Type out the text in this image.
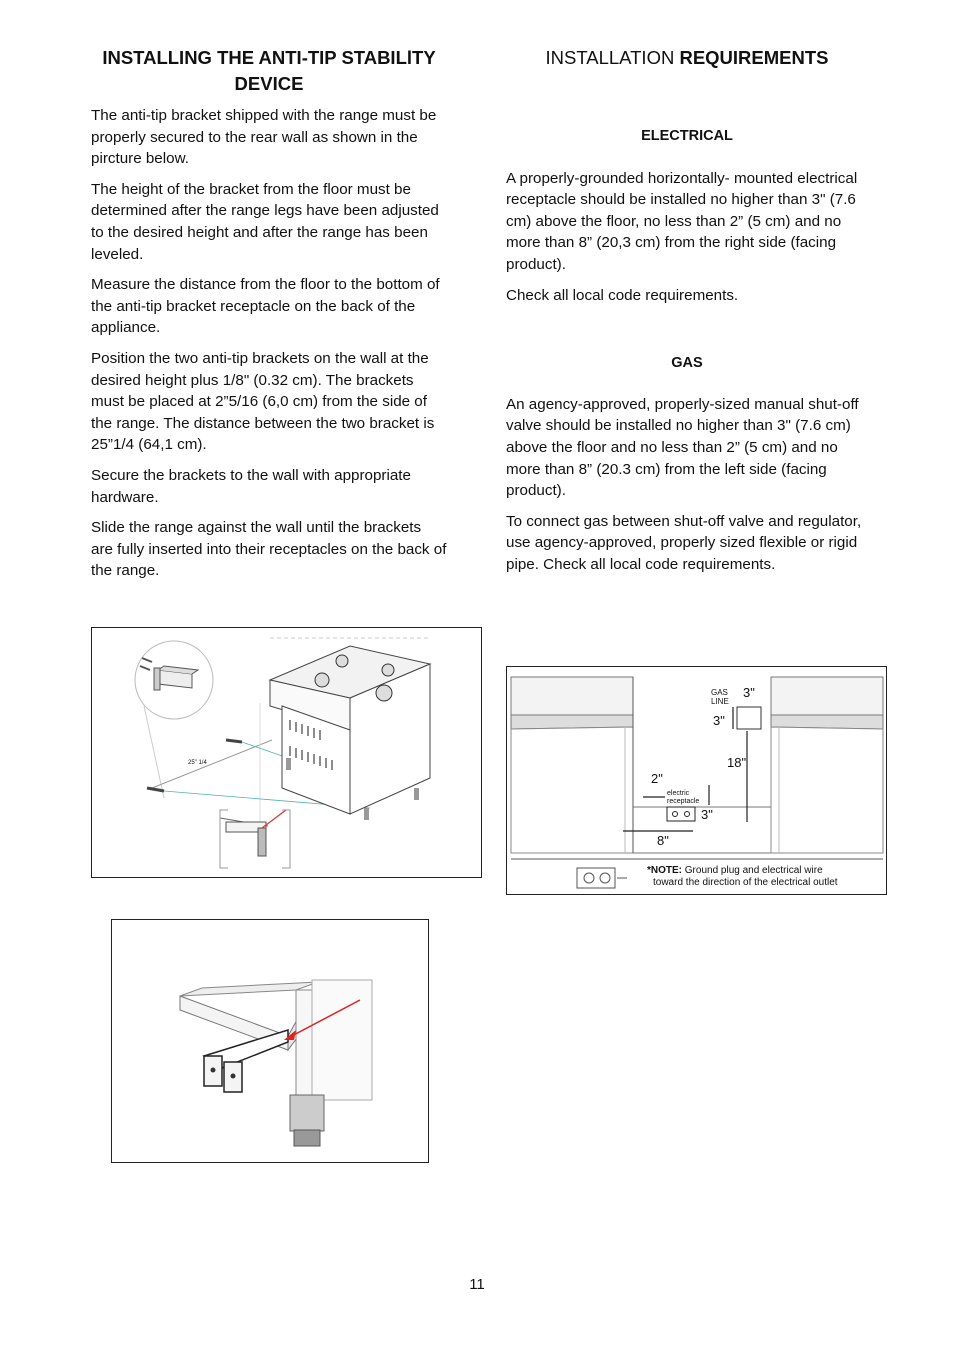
INSTALLING THE ANTI-TIP STABILlTY DEVICE

The anti-tip bracket shipped with the range must be properly secured to the rear wall as shown in the pircture below.

The height of the bracket from the floor must be determined after the range legs have been adjusted to the desired height and after the range has been leveled.

Measure the distance from the floor to the bottom of the anti-tip bracket receptacle on the back of the appliance.

Position the two anti-tip brackets on the wall at the desired height plus 1/8" (0.32 cm). The brackets must be placed at 2”5/16 (6,0 cm) from the side of the range. The distance between the two bracket is 25”1/4 (64,1 cm).

Secure the brackets to the wall with appropriate hardware.

Slide the range against the wall until the brackets are fully inserted into their receptacles on the back of the range.

INSTALLATION REQUIREMENTS
ELECTRICAL

A properly-grounded horizontally- mounted electrical receptacle should be installed no higher than 3" (7.6 cm) above the floor, no less than 2” (5 cm) and no more than 8” (20,3 cm) from the right side (facing product).

Check all local code requirements.

GAS

An agency-approved, properly-sized manual shut-off valve should be installed no higher than 3" (7.6 cm) above the floor and no less than 2” (5 cm) and no more than 8” (20.3 cm) from the left side (facing product).

To connect gas between shut-off valve and regulator, use agency-approved, properly sized flexible or rigid pipe. Check all local code requirements.

25" 1/4
GAS
LINE
3"
3"
18"
2"
electric
receptacle
3"
8"
*NOTE: Ground plug and electrical wire
toward the direction of the electrical outlet
11
